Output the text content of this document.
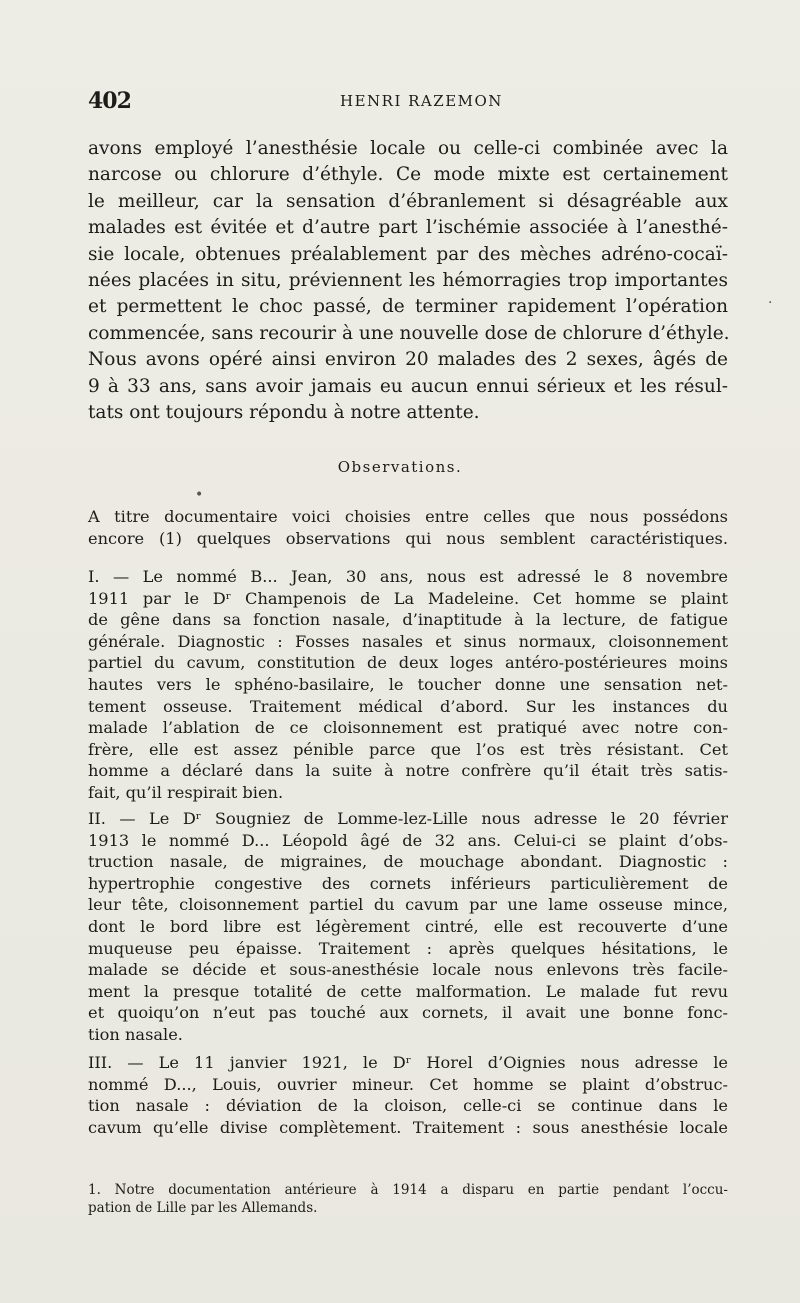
402	HENRI RAZEMON

avons employé l’anesthésie locale ou celle-ci combinée avec la
narcose ou chlorure d’éthyle. Ce mode mixte est certainement
le meilleur, car la sensation d’ébranlement si désagréable aux
malades est évitée et d’autre part l’ischémie associée à l’anesthé-
sie locale, obtenues préalablement par des mèches adréno-cocaï-
nées placées in situ, préviennent les hémorragies trop importantes
et permettent le choc passé, de terminer rapidement l’opération
commencée, sans recourir à une nouvelle dose de chlorure d’éthyle.
Nous avons opéré ainsi environ 20 malades des 2 sexes, âgés de
9 à 33 ans, sans avoir jamais eu aucun ennui sérieux et les résul-
tats ont toujours répondu à notre attente.

Observations.

A titre documentaire voici choisies entre celles que nous possédons
encore (1) quelques observations qui nous semblent caractéristiques.

I. — Le nommé B... Jean, 30 ans, nous est adressé le 8 novembre
1911 par le Dʳ Champenois de La Madeleine. Cet homme se plaint
de gêne dans sa fonction nasale, d’inaptitude à la lecture, de fatigue
générale. Diagnostic : Fosses nasales et sinus normaux, cloisonnement
partiel du cavum, constitution de deux loges antéro-postérieures moins
hautes vers le sphéno-basilaire, le toucher donne une sensation net-
tement osseuse. Traitement médical d’abord. Sur les instances du
malade l’ablation de ce cloisonnement est pratiqué avec notre con-
frère, elle est assez pénible parce que l’os est très résistant. Cet
homme a déclaré dans la suite à notre confrère qu’il était très satis-
fait, qu’il respirait bien.

II. — Le Dʳ Sougniez de Lomme-lez-Lille nous adresse le 20 février
1913 le nommé D... Léopold âgé de 32 ans. Celui-ci se plaint d’obs-
truction nasale, de migraines, de mouchage abondant. Diagnostic :
hypertrophie congestive des cornets inférieurs particulièrement de
leur tête, cloisonnement partiel du cavum par une lame osseuse mince,
dont le bord libre est légèrement cintré, elle est recouverte d’une
muqueuse peu épaisse. Traitement : après quelques hésitations, le
malade se décide et sous-anesthésie locale nous enlevons très facile-
ment la presque totalité de cette malformation. Le malade fut revu
et quoiqu’on n’eut pas touché aux cornets, il avait une bonne fonc-
tion nasale.

III. — Le 11 janvier 1921, le Dʳ Horel d’Oignies nous adresse le
nommé D..., Louis, ouvrier mineur. Cet homme se plaint d’obstruc-
tion nasale : déviation de la cloison, celle-ci se continue dans le
cavum qu’elle divise complètement. Traitement : sous anesthésie locale

1. Notre documentation antérieure à 1914 a disparu en partie pendant l’occu-
pation de Lille par les Allemands.

·
•
